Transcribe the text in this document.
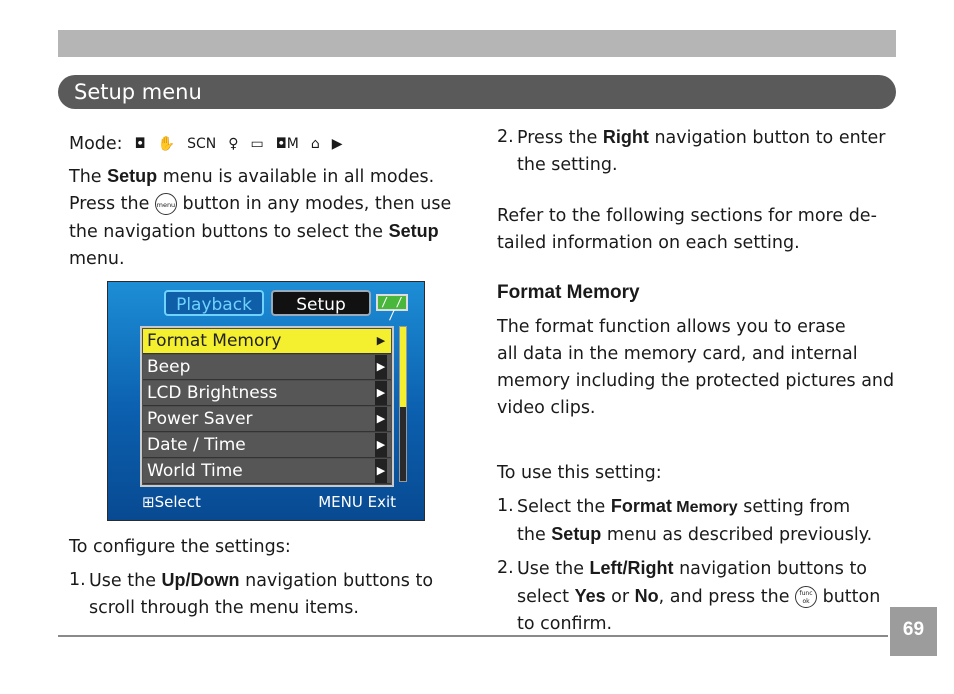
Setup menu
Mode: ◘ ✋ SCN ♀ ▭ ◘M ⌂ ▶

The Setup menu is available in all modes.
Press the menu button in any modes, then use
the navigation buttons to select the Setup
menu.

Playback	Setup	/ / /
Format Memory	▶
Beep	▶
LCD Brightness	▶
Power Saver	▶
Date / Time	▶
World Time	▶
⊞Select	MENU Exit

To configure the settings:

1. Use the Up/Down navigation buttons to
scroll through the menu items.
2. Press the Right navigation button to enter
the setting.

Refer to the following sections for more de-
tailed information on each setting.

Format Memory

The format function allows you to erase
all data in the memory card, and internal
memory including the protected pictures and
video clips.

To use this setting:

1. Select the Format Memory setting from
the Setup menu as described previously.
2. Use the Left/Right navigation buttons to
select Yes or No, and press the func ok button
to confirm.	69
